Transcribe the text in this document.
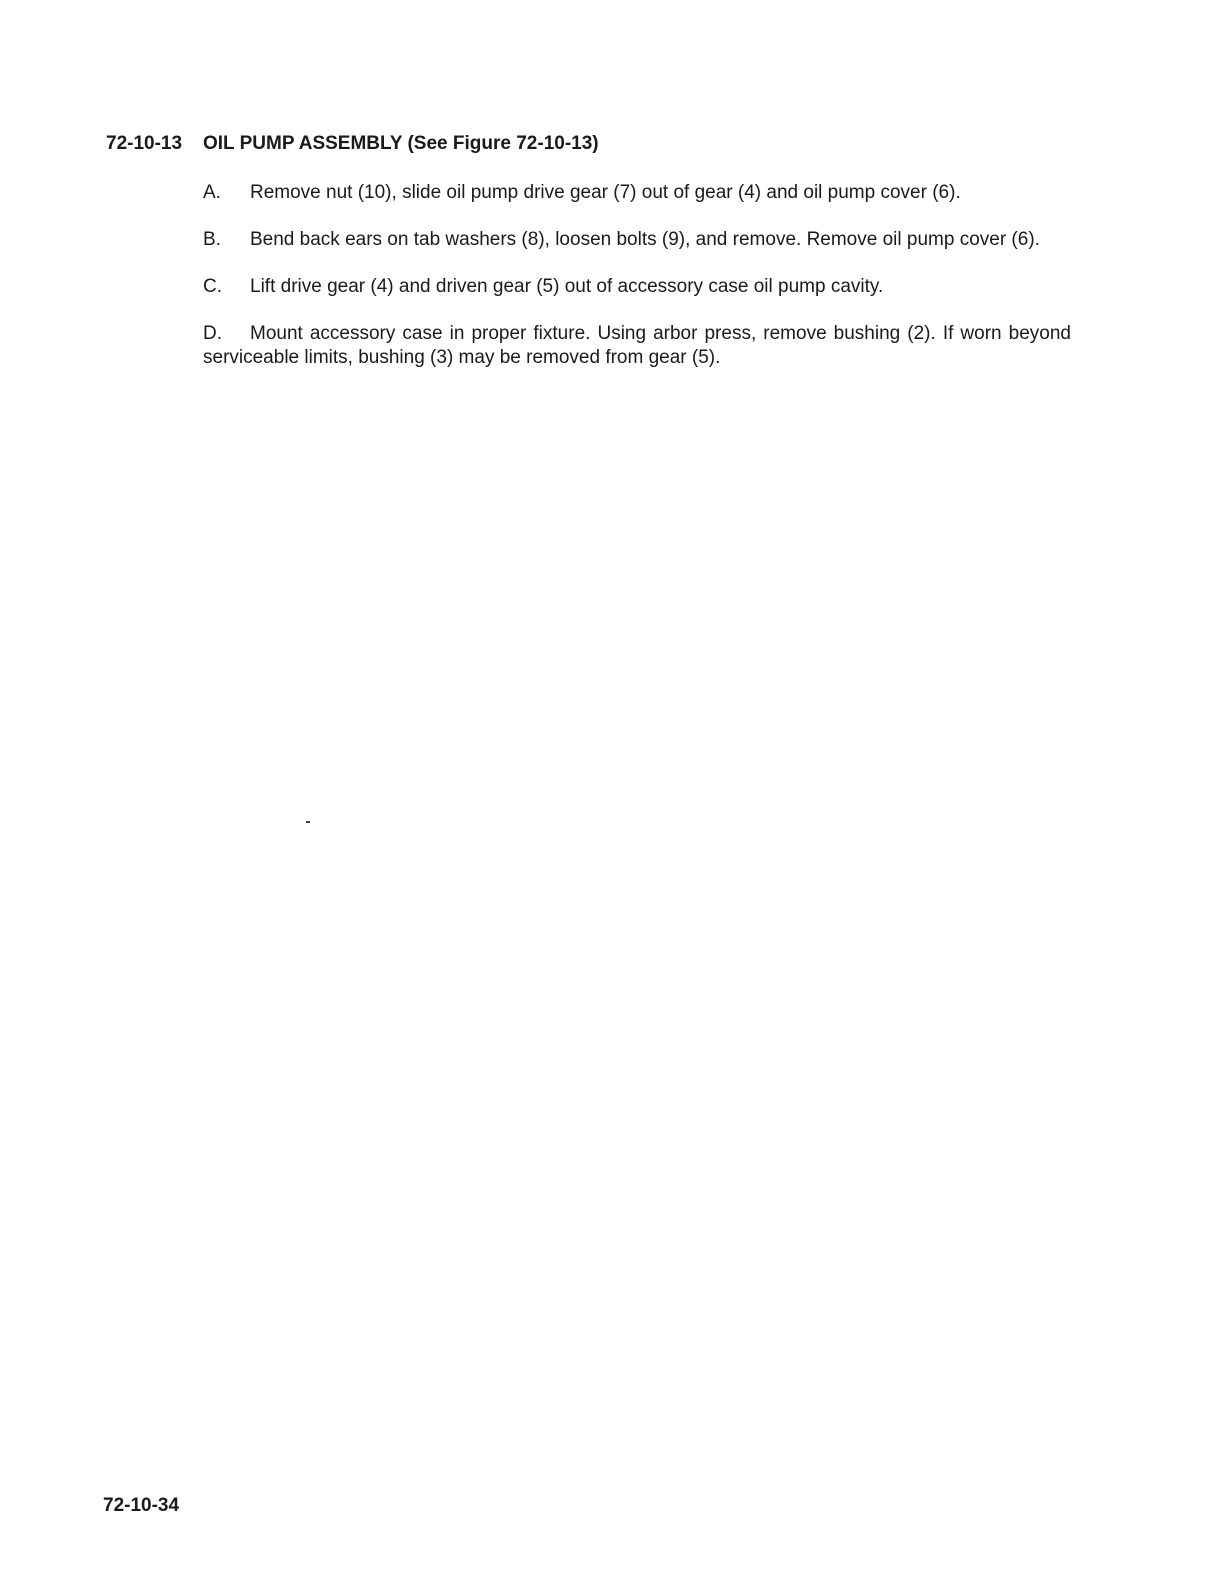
72-10-13 OIL PUMP ASSEMBLY (See Figure 72-10-13)
A. Remove nut (10), slide oil pump drive gear (7) out of gear (4) and oil pump cover (6).
B. Bend back ears on tab washers (8), loosen bolts (9), and remove. Remove oil pump cover (6).
C. Lift drive gear (4) and driven gear (5) out of accessory case oil pump cavity.
D. Mount accessory case in proper fixture. Using arbor press, remove bushing (2). If worn beyond serviceable limits, bushing (3) may be removed from gear (5).
72-10-34
